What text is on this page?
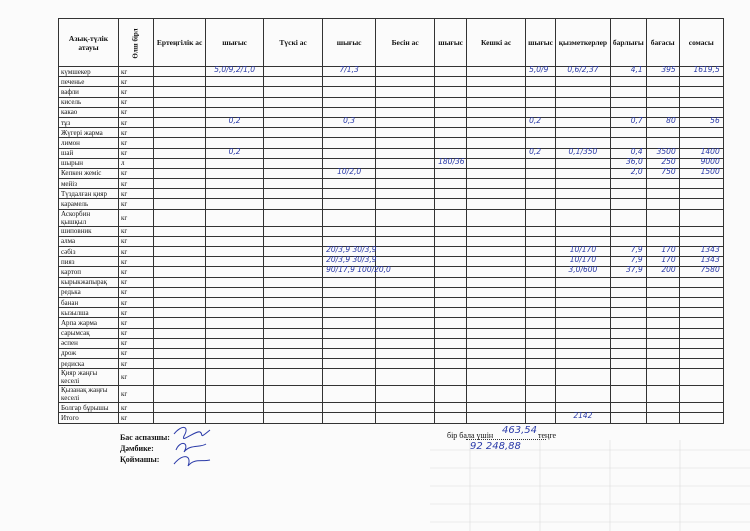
Азық-түлік атауы	Өлш бірл	Ертеңгілік ас	шығыс	Түскі ас	шығыс	Бесін ас	шығыс	Кешкі ас	шығыс	қызметкерлер	барлығы	бағасы	сомасы
күмшекер	кг		5,0/9,2/1,0		7/1,3				5,0/9	0,6/2,37	4,1	395	1619,5

печенье	кг												
вафли	кг												
кисель	кг												
какао	кг												
тұз	кг		0,2		0,3				0,2		0,7	80	56

Жүгері жарма	кг												
лимон	кг												
шай	кг		0,2						0,2	0,1/350	0,4	3500	1400

шырын	л						180/36				36,0	250	9000

Кепкен жеміс	кг				10/2,0						2,0	750	1500

мейіз	кг												
Түздалған қияр	кг												
карамель	кг												
Аскорбин қышқыл	кг												
шиповник	кг												
алма	кг												
сәбіз	кг				20/3,9 30/3,9					10/170	7,9	170	1343

пияз	кг				20/3,9 30/3,9					10/170	7,9	170	1343

картоп	кг				90/17,9 100/20,0					3,0/600	37,9	200	7580

кырыкжапырақ	кг												
редька	кг												
банан	кг												
кызылша	кг												
Арпа жарма	кг												
сарымсақ	кг												
әспен	кг												
дрож	кг												
редиска	кг												
Қияр жаңғы кеселі	кг												
Қызанақ жаңғы кеселі	кг												
Болгар бұрышы	кг												
Итого	кг									2142			

Бас аспазшы:
Дәмбике:
Қоймашы:
бір бала үшін 463,54 теңге
92 248,88
